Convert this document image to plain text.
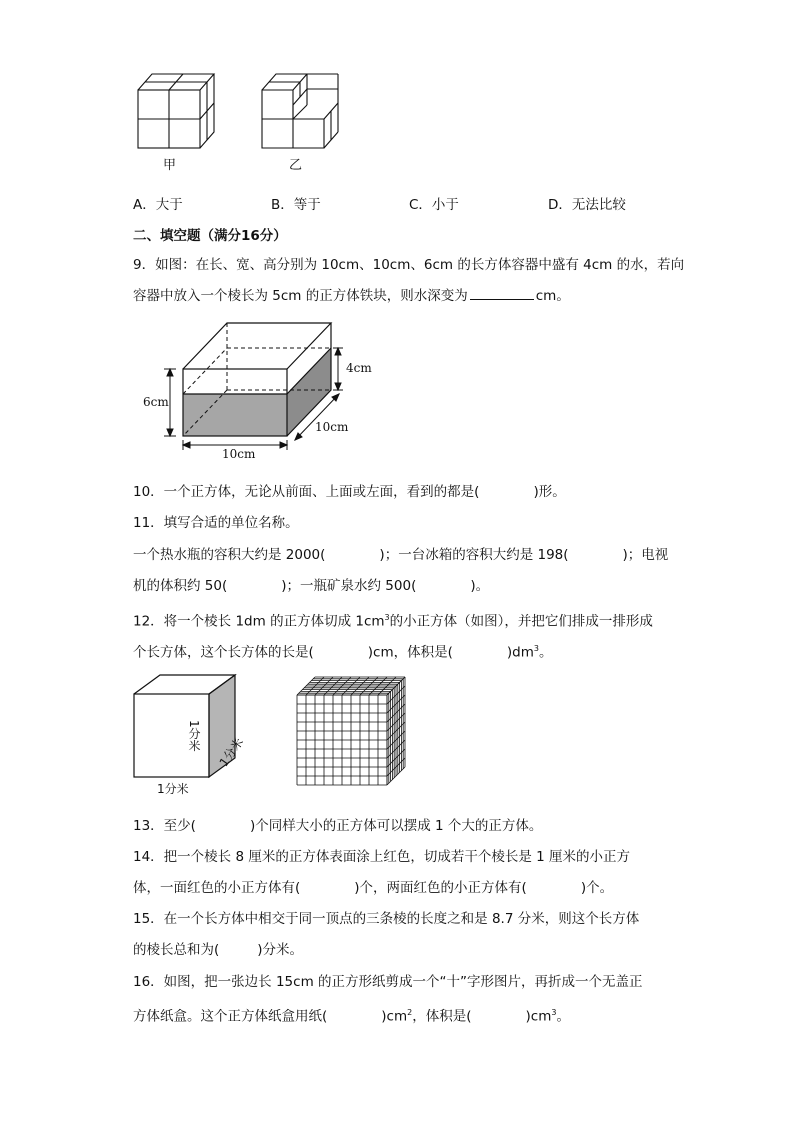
甲	乙
A．大于	B．等于	C．小于	D．无法比较
二、填空题（满分16分）
9．如图：在长、宽、高分别为 10cm、10cm、6cm 的长方体容器中盛有 4cm 的水，若向
容器中放入一个棱长为 5cm 的正方体铁块，则水深变为	cm。
6cm
4cm
10cm
10cm
10．一个正方体，无论从前面、上面或左面，看到的都是(	)形。
11．填写合适的单位名称。
一个热水瓶的容积大约是 2000(	)；一台冰箱的容积大约是 198(	)；电视
机的体积约 50(	)；一瓶矿泉水约 500(	)。
12．将一个棱长 1dm 的正方体切成 $1cm^3$的小正方体（如图），并把它们排成一排形成
个长方体，这个长方体的长是(	)cm，体积是(	)$dm^3$。
1分米 1分米
1分米
13．至少(	)个同样大小的正方体可以摆成 1 个大的正方体。
14．把一个棱长 8 厘米的正方体表面涂上红色，切成若干个棱长是 1 厘米的小正方
体，一面红色的小正方体有(	)个，两面红色的小正方体有(	)个。
15．在一个长方体中相交于同一顶点的三条棱的长度之和是 8.7 分米，则这个长方体
的棱长总和为(	)分米。
16．如图，把一张边长 15cm 的正方形纸剪成一个“十”字形图片，再折成一个无盖正
方体纸盒。这个正方体纸盒用纸(	)$cm^2$，体积是(	)$cm^3$。
